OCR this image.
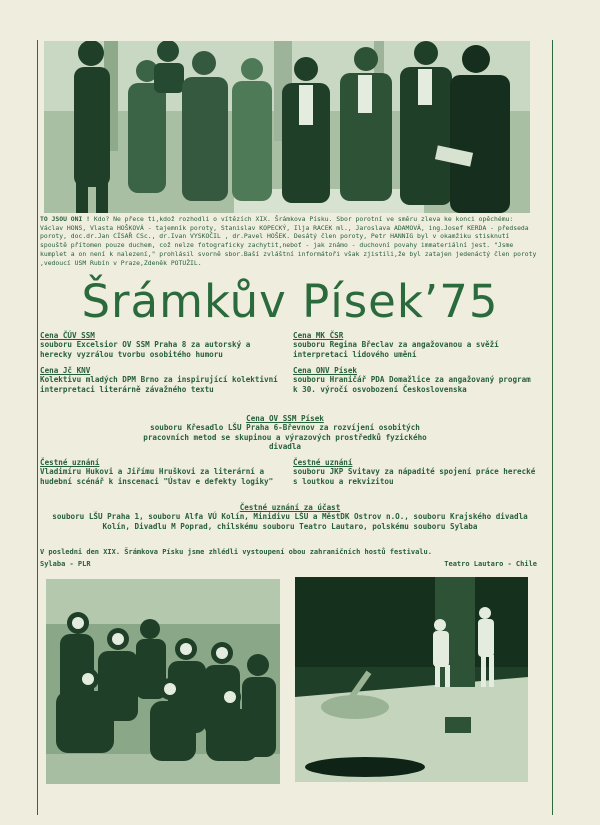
TO JSOU ONI ! Kdo? Ne přece ti,kdož rozhodli o vítězích XIX. Šrámkova Písku. Sbor porotní ve směru zleva ke konci opěchému: Václav HONS, Vlasta HOŠKOVÁ - tajemník poroty, Stanislav KOPECKÝ, Ilja RACEK ml., Jaroslava ADAMOVÁ, ing.Josef KERDA - předseda poroty, doc.dr.Jan CÍSAŘ CSc., dr.Ivan VYSKOČIL , dr.Pavel HOŠEK. Desátý člen poroty, Petr HANNIG byl v okamžiku stisknutí spouště přítomen pouze duchem, což nelze fotograficky zachytit,neboť - jak známo - duchovní povahy immateriální jest. "Jsme kumplet a on není k nalezení," prohlásil svorně sbor.Baší zvláštní informátoři však zjistili,že byl zatajen jedenáctý člen poroty ,vedoucí USM Rubín v Praze,Zdeněk POTUŽIL.
Šrámkův Písek’75
Cena ČÚV SSM
souboru Excelsior OV SSM Praha 8 za autorský a herecky vyzrálou tvorbu osobitého humoru
Cena Jč KNV
Kolektivu mladých DPM Brno za inspirující kolektivní interpretaci literárně závažného textu
Cena MK ČSR
souboru Regina Břeclav za angažovanou a svěží interpretaci lidového umění
Cena ONV Písek
souboru Hraničář PDA Domažlice za angažovaný program k 30. výročí osvobození Československa
Cena OV SSM Písek
souboru Křesadlo LŠU Praha 6-Břevnov za rozvíjení osobitých pracovních metod se skupinou a výrazových prostředků fyzického divadla
Čestné uznání
Vladimíru Hukovi a Jiřímu Hruškovi za literární a hudební scénář k inscenaci "Ústav e defekty logiky"
Čestné uznání
souboru JKP Svitavy za nápadité spojení práce herecké s loutkou a rekvizitou
Čestné uznání za účast
souboru LŠU Praha 1, souboru Alfa VÚ Kolín, Minidivu LŠU a MěstDK Ostrov n.O., souboru Krajského divadla Kolín, Divadlu M Poprad, chilskému souboru Teatro Lautaro, polskému souboru Sylaba
V posledni den XIX. Šrámkova Písku jsme zhlédli vystoupení obou zahraničních hostů festivalu.
Sylaba - PLR	Teatro Lautaro - Chile
